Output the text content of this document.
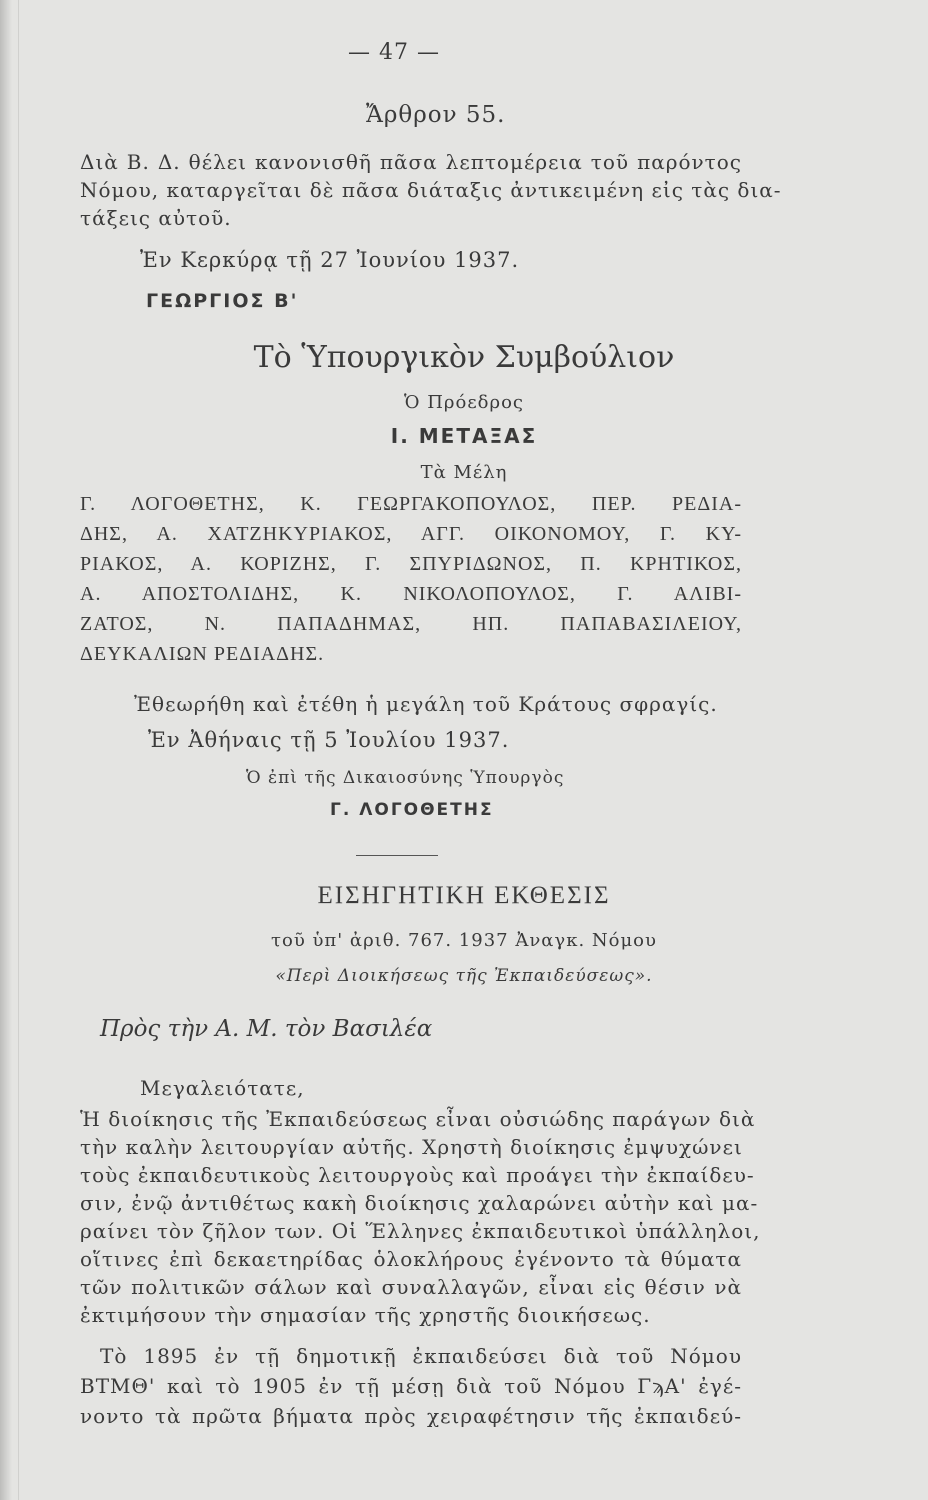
— 47 —
Ἄρθρον 55.
Διὰ Β. Δ. θέλει κανονισθῆ πᾶσα λεπτομέρεια τοῦ παρόντος
Νόμου, καταργεῖται δὲ πᾶσα διάταξις ἀντικειμένη εἰς τὰς δια-
τάξεις αὐτοῦ.
Ἐν Κερκύρᾳ τῇ 27 Ἰουνίου 1937.
ΓΕΩΡΓΙΟΣ Β'
Τὸ Ὑπουργικὸν Συμβούλιον
Ὁ Πρόεδρος
Ι. ΜΕΤΑΞΑΣ
Τὰ Μέλη
Γ. ΛΟΓΟΘΕΤΗΣ, Κ. ΓΕΩΡΓΑΚΟΠΟΥΛΟΣ, ΠΕΡ. ΡΕΔΙΑ-
ΔΗΣ, Α. ΧΑΤΖΗΚΥΡΙΑΚΟΣ, ΑΓΓ. ΟΙΚΟΝΟΜΟΥ, Γ. ΚΥ-
ΡΙΑΚΟΣ, Α. ΚΟΡΙΖΗΣ, Γ. ΣΠΥΡΙΔΩΝΟΣ, Π. ΚΡΗΤΙΚΟΣ,
Α. ΑΠΟΣΤΟΛΙΔΗΣ, Κ. ΝΙΚΟΛΟΠΟΥΛΟΣ, Γ. ΑΛΙΒΙ-
ΖΑΤΟΣ, Ν. ΠΑΠΑΔΗΜΑΣ, ΗΠ. ΠΑΠΑΒΑΣΙΛΕΙΟΥ,
ΔΕΥΚΑΛΙΩΝ ΡΕΔΙΑΔΗΣ.
Ἐθεωρήθη καὶ ἐτέθη ἡ μεγάλη τοῦ Κράτους σφραγίς.
Ἐν Ἀθήναις τῇ 5 Ἰουλίου 1937.
Ὁ ἐπὶ τῆς Δικαιοσύνης Ὑπουργὸς
Γ. ΛΟΓΟΘΕΤΗΣ
ΕΙΣΗΓΗΤΙΚΗ ΕΚΘΕΣΙΣ
τοῦ ὑπ' ἀριθ. 767. 1937 Ἀναγκ. Νόμου
«Περὶ Διοικήσεως τῆς Ἐκπαιδεύσεως».
Πρὸς τὴν Α. Μ. τὸν Βασιλέα
Μεγαλειότατε,
Ἡ διοίκησις τῆς Ἐκπαιδεύσεως εἶναι οὐσιώδης παράγων διὰ
τὴν καλὴν λειτουργίαν αὐτῆς. Χρηστὴ διοίκησις ἐμψυχώνει
τοὺς ἐκπαιδευτικοὺς λειτουργοὺς καὶ προάγει τὴν ἐκπαίδευ-
σιν, ἐνῷ ἀντιθέτως κακὴ διοίκησις χαλαρώνει αὐτὴν καὶ μα-
ραίνει τὸν ζῆλον των. Οἱ Ἕλληνες ἐκπαιδευτικοὶ ὑπάλληλοι,
οἵτινες ἐπὶ δεκαετηρίδας ὁλοκλήρους ἐγένοντο τὰ θύματα
τῶν πολιτικῶν σάλων καὶ συναλλαγῶν, εἶναι εἰς θέσιν νὰ
ἐκτιμήσουν τὴν σημασίαν τῆς χρηστῆς διοικήσεως.
Τὸ 1895 ἐν τῇ δημοτικῇ ἐκπαιδεύσει διὰ τοῦ Νόμου
ΒΤΜΘ' καὶ τὸ 1905 ἐν τῇ μέσῃ διὰ τοῦ Νόμου ΓϡΑ' ἐγέ-
νοντο τὰ πρῶτα βήματα πρὸς χειραφέτησιν τῆς ἐκπαιδεύ-
